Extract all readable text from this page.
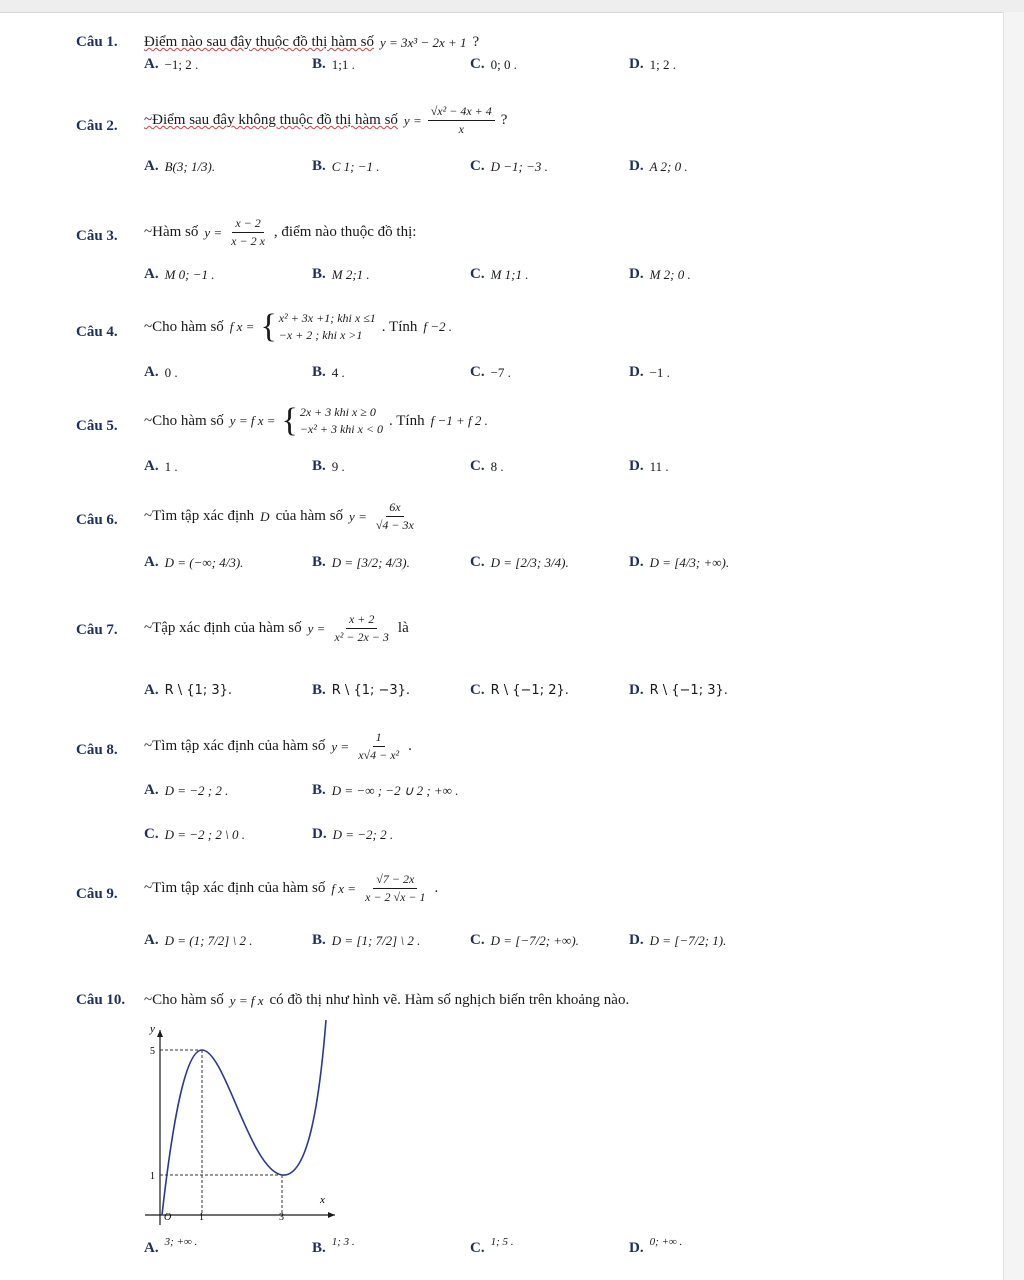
Câu 1. Điểm nào sau đây thuộc đồ thị hàm số y = 3x³ − 2x + 1 ?
A. −1; 2 .	B. 1;1 .	C. 0; 0 .	D. 1; 2 .
Câu 2. ~Điểm sau đây không thuộc đồ thị hàm số $y = \frac{\text{√x² − 4x + 4}}{x}$ ?
A. B(3; 1/3).	B. C 1; −1 .	C. D −1; −3 .	D. A 2; 0 .
Câu 3. ~Hàm số $y = \frac{x - 2}{x - 2 x}$ , điểm nào thuộc đồ thị:
A. M 0; −1 .	B. M 2;1 .	C. M 1;1 .	D. M 2; 0 .
Câu 4. ~Cho hàm số f x = { x² + 3x +1; khi x ≤1
−x + 2 ; khi x >1
. Tính f −2 .
A. 0 .	B. 4 .	C. −7 .	D. −1 .
Câu 5. ~Cho hàm số y = f x = { 2x + 3 khi x ≥ 0
−x² + 3 khi x < 0
. Tính f −1 + f 2 .
A. 1 .	B. 9 .	C. 8 .	D. 11 .
Câu 6. ~Tìm tập xác định D của hàm số $y = \frac{6x}{√4 - 3x}$
A. D = (−∞; 4/3).	B. D = [3/2; 4/3).	C. D = [2/3; 3/4).	D. D = [4/3; +∞).
Câu 7. ~Tập xác định của hàm số $y = \frac{x + 2}{\text{x² − 2x − 3}}$ là
A. R \ {1; 3}.	B. R \ {1; −3}.	C. R \ {−1; 2}.	D. R \ {−1; 3}.
Câu 8. ~Tìm tập xác định của hàm số $y = \frac{1}{\text{x√4 − x²}}$ .
A. D = −2 ; 2 .	B. D = −∞ ; −2 ∪ 2 ; +∞ .
C. D = −2 ; 2 \ 0 .	D. D = −2; 2 .
Câu 9. ~Tìm tập xác định của hàm số f $x = \frac{√7 - 2x}{x - 2 √x - 1}$ .
A. D = (1; 7/2] \ 2 .	B. D = [1; 7/2] \ 2 .	C. D = [−7/2; +∞).	D. D = [−7/2; 1).
Câu 10. ~Cho hàm số y = f x có đồ thị như hình vẽ. Hàm số nghịch biến trên khoảng nào.
y
x
O
5
1
1	3
A. 3; +∞ .	B. 1; 3 .	C. 1; 5 .	D. 0; +∞ .
